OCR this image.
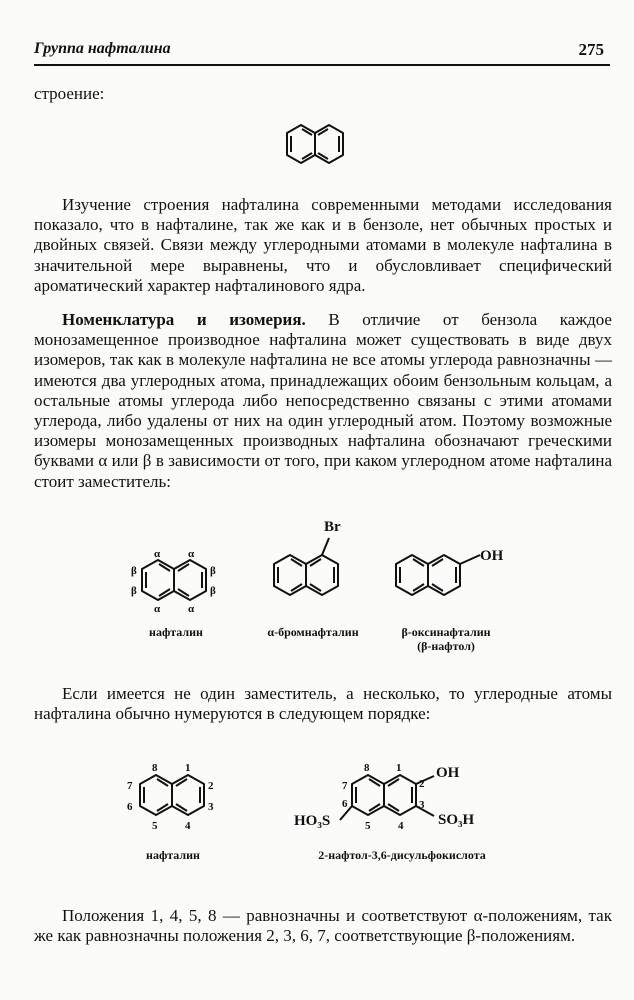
Группа нафталина	275

строение:

Изучение строения нафталина современными методами исследования показало, что в нафталине, так же как и в бензоле, нет обычных простых и двойных связей. Связи между углеродными атомами в молекуле нафталина в значительной мере выравнены, что и обусловливает специфический ароматический характер нафталинового ядра.

Номенклатура и изомерия. В отличие от бензола каждое монозамещенное производное нафталина может существовать в виде двух изомеров, так как в молекуле нафталина не все атомы углерода равнозначны — имеются два углеродных атома, принадлежащих обоим бензольным кольцам, а остальные атомы углерода либо непосредственно связаны с этими атомами углерода, либо удалены от них на один углеродный атом. Поэтому возможные изомеры монозамещенных производных нафталина обозначают греческими буквами α или β в зависимости от того, при каком углеродном атоме нафталина стоит заместитель:

α	α
α	α
β
β
β
β
нафталин
Br
α-бромнафталин
OH
β-оксинафталин
(β-нафтол)

Если имеется не один заместитель, а несколько, то углеродные атомы нафталина обычно нумеруются в следующем порядке:

8	1
2
3
4
5
6
7
нафталин
8 1
2
3
4
5
6
7
OH
SO₃H
HO₃S
2-нафтол-3,6-дисульфокислота

Положения 1, 4, 5, 8 — равнозначны и соответствуют α-положениям, так же как равнозначны положения 2, 3, 6, 7, соответствующие β-положениям.
